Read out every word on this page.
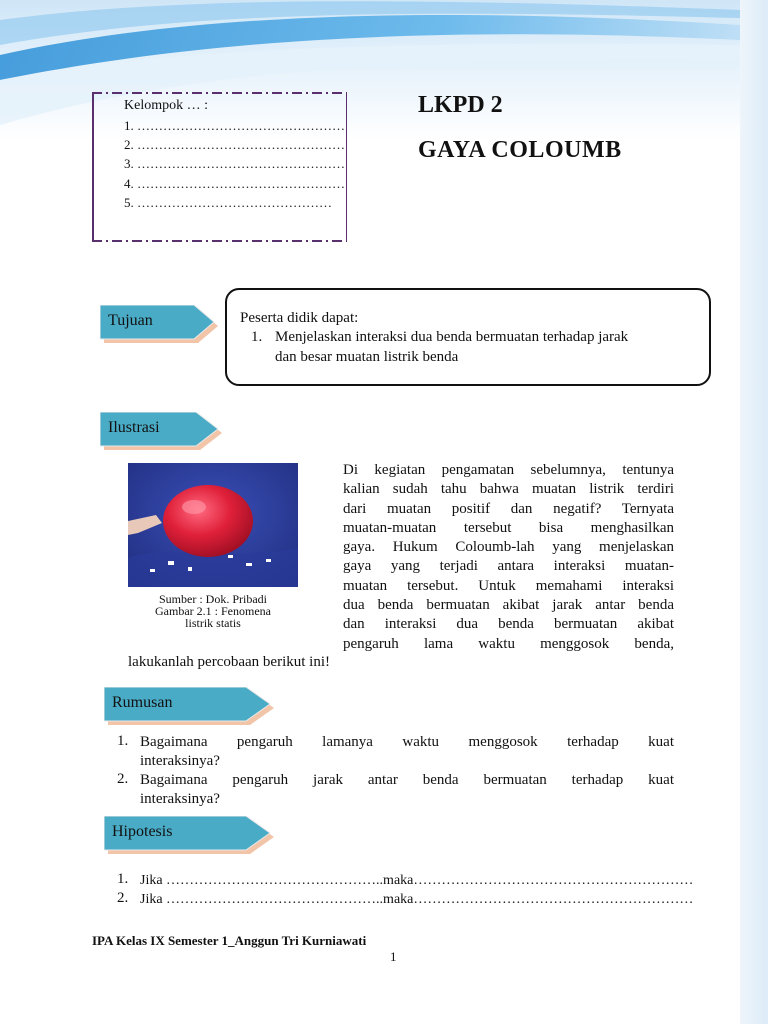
Kelompok … :
1. …………………………………………
2. …………………………………………
3. …………………………………………
4. …………………………………………
5. ………………………………………
LKPD 2
GAYA COLOUMB
Tujuan	Peserta didik dapat:
1. Menjelaskan interaksi dua benda bermuatan terhadap jarak
dan besar muatan listrik benda
Ilustrasi
Sumber : Dok. Pribadi
Gambar 2.1 : Fenomena
listrik statis
Di kegiatan pengamatan sebelumnya, tentunya
kalian sudah tahu bahwa muatan listrik terdiri
dari muatan positif dan negatif? Ternyata
muatan-muatan tersebut bisa menghasilkan
gaya. Hukum Coloumb-lah yang menjelaskan
gaya yang terjadi antara interaksi muatan-
muatan tersebut. Untuk memahami interaksi
dua benda bermuatan akibat jarak antar benda
dan interaksi dua benda bermuatan akibat
pengaruh lama waktu menggosok benda,
lakukanlah percobaan berikut ini!
Rumusan
1. Bagaimana pengaruh lamanya waktu menggosok terhadap kuat
interaksinya?
2. Bagaimana pengaruh jarak antar benda bermuatan terhadap kuat
interaksinya?
Hipotesis
1. Jika ………………………………………..maka……………………………………………………
2. Jika ………………………………………..maka……………………………………………………
IPA Kelas IX Semester 1_Anggun Tri Kurniawati
1
